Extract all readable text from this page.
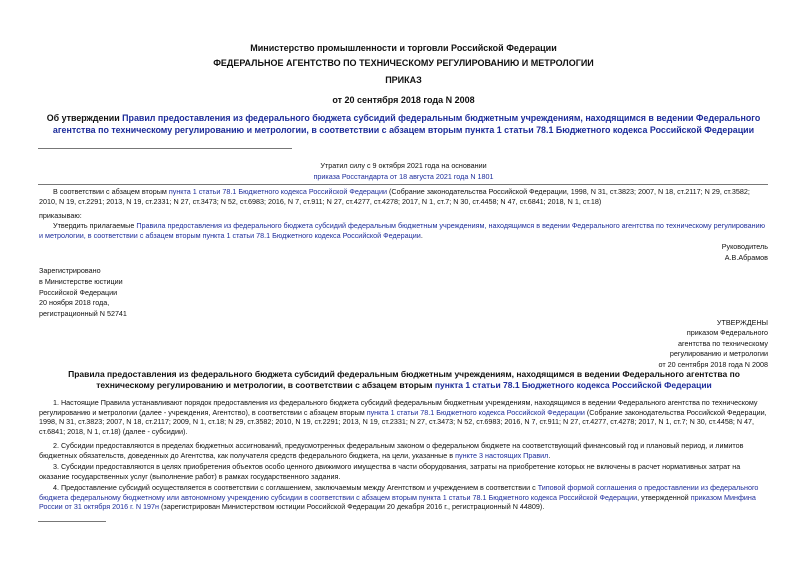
Министерство промышленности и торговли Российской Федерации
ФЕДЕРАЛЬНОЕ АГЕНТСТВО ПО ТЕХНИЧЕСКОМУ РЕГУЛИРОВАНИЮ И МЕТРОЛОГИИ
ПРИКАЗ
от 20 сентября 2018 года N 2008
Об утверждении Правил предоставления из федерального бюджета субсидий федеральным бюджетным учреждениям, находящимся в ведении Федерального агентства по техническому регулированию и метрологии, в соответствии с абзацем вторым пункта 1 статьи 78.1 Бюджетного кодекса Российской Федерации
Утратил силу с 9 октября 2021 года на основании
приказа Росстандарта от 18 августа 2021 года N 1801
В соответствии с абзацем вторым пункта 1 статьи 78.1 Бюджетного кодекса Российской Федерации (Собрание законодательства Российской Федерации, 1998, N 31, ст.3823; 2007, N 18, ст.2117; N 29, ст.3582; 2010, N 19, ст.2291; 2013, N 19, ст.2331; N 27, ст.3473; N 52, ст.6983; 2016, N 7, ст.911; N 27, ст.4277, ст.4278; 2017, N 1, ст.7; N 30, ст.4458; N 47, ст.6841; 2018, N 1, ст.18)
приказываю:
Утвердить прилагаемые Правила предоставления из федерального бюджета субсидий федеральным бюджетным учреждениям, находящимся в ведении Федерального агентства по техническому регулированию и метрологии, в соответствии с абзацем вторым пункта 1 статьи 78.1 Бюджетного кодекса Российской Федерации.
Руководитель
А.В.Абрамов
Зарегистрировано
в Министерстве юстиции
Российской Федерации
20 ноября 2018 года,
регистрационный N 52741
УТВЕРЖДЕНЫ
приказом Федерального
агентства по техническому
регулированию и метрологии
от 20 сентября 2018 года N 2008
Правила предоставления из федерального бюджета субсидий федеральным бюджетным учреждениям, находящимся в ведении Федерального агентства по техническому регулированию и метрологии, в соответствии с абзацем вторым пункта 1 статьи 78.1 Бюджетного кодекса Российской Федерации
1. Настоящие Правила устанавливают порядок предоставления из федерального бюджета субсидий федеральным бюджетным учреждениям, находящимся в ведении Федерального агентства по техническому регулированию и метрологии (далее - учреждения, Агентство), в соответствии с абзацем вторым пункта 1 статьи 78.1 Бюджетного кодекса Российской Федерации (Собрание законодательства Российской Федерации, 1998, N 31, ст.3823; 2007, N 18, ст.2117; 2009, N 1, ст.18; N 29, ст.3582; 2010, N 19, ст.2291; 2013, N 19, ст.2331; N 27, ст.3473; N 52, ст.6983; 2016, N 7, ст.911; N 27, ст.4277, ст.4278; 2017, N 1, ст.7; N 30, ст.4458; N 47, ст.6841; 2018, N 1, ст.18) (далее - субсидии).
2. Субсидии предоставляются в пределах бюджетных ассигнований, предусмотренных федеральным законом о федеральном бюджете на соответствующий финансовый год и плановый период, и лимитов бюджетных обязательств, доведенных до Агентства, как получателя средств федерального бюджета, на цели, указанные в пункте 3 настоящих Правил.
3. Субсидии предоставляются в целях приобретения объектов особо ценного движимого имущества в части оборудования, затраты на приобретение которых не включены в расчет нормативных затрат на оказание государственных услуг (выполнение работ) в рамках государственного задания.
4. Предоставление субсидий осуществляется в соответствии с соглашением, заключаемым между Агентством и учреждением в соответствии с Типовой формой соглашения о предоставлении из федерального бюджета федеральному бюджетному или автономному учреждению субсидии в соответствии с абзацем вторым пункта 1 статьи 78.1 Бюджетного кодекса Российской Федерации, утвержденной приказом Минфина России от 31 октября 2016 г. N 197н (зарегистрирован Министерством юстиции Российской Федерации 20 декабря 2016 г., регистрационный N 44809).
